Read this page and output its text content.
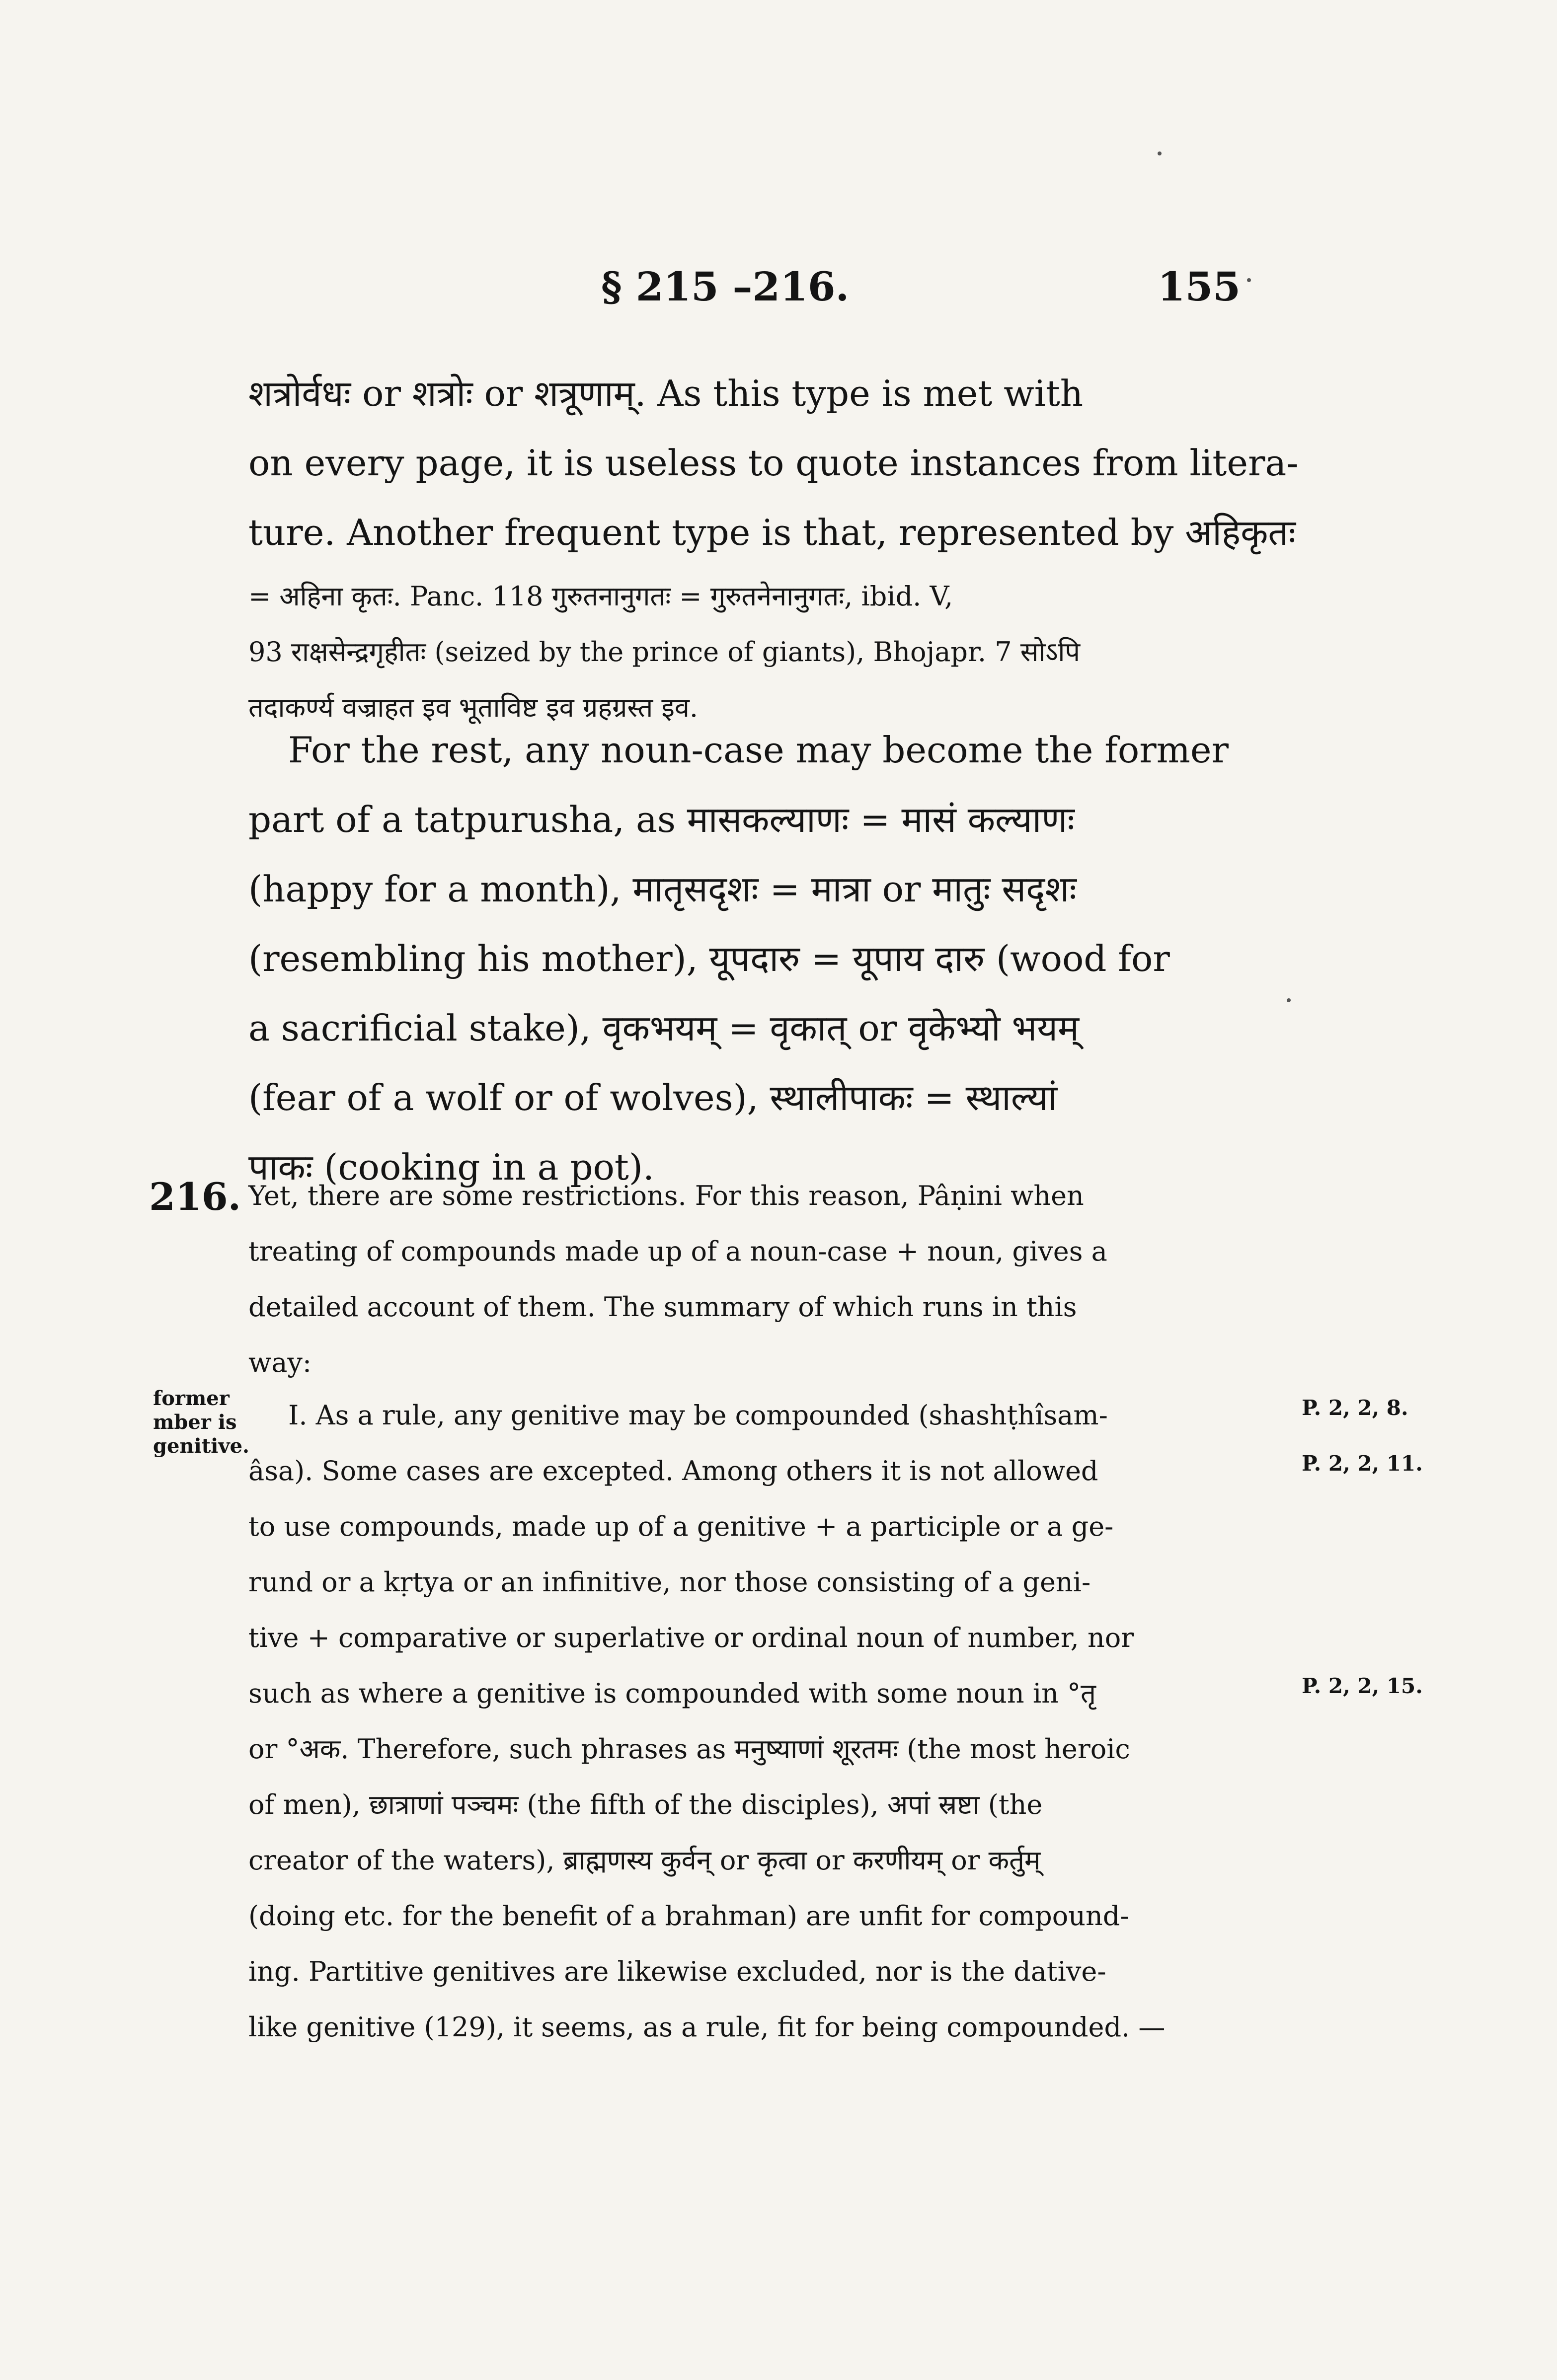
§ 215 –216.	155
शत्रोर्वधः or शत्रोः or शत्रूणाम्. As this type is met with
on every page, it is useless to quote instances from litera-
ture. Another frequent type is that, represented by अहिकृतः
= अहिना कृतः. Panc. 118 गुरुतनानुगतः = गुरुतनेनानुगतः, ibid. V,
93 राक्षसेन्द्रगृहीतः (seized by the prince of giants), Bhojapr. 7 सोऽपि
तदाकर्ण्य वज्राहत इव भूताविष्ट इव ग्रहग्रस्त इव.
For the rest, any noun-case may become the former
part of a tatpurusha, as मासकल्याणः = मासं कल्याणः
(happy for a month), मातृसदृशः = मात्रा or मातुः सदृशः
(resembling his mother), यूपदारु = यूपाय दारु (wood for
a sacrificial stake), वृकभयम् = वृकात् or वृकेभ्यो भयम्
(fear of a wolf or of wolves), स्थालीपाकः = स्थाल्यां
पाकः (cooking in a pot).
216. Yet, there are some restrictions. For this reason, Pâṇini when
treating of compounds made up of a noun-case + noun, gives a
detailed account of them. The summary of which runs in this
way:
former
mber is
genitive.
I. As a rule, any genitive may be compounded (shashṭhîsam-
âsa). Some cases are excepted. Among others it is not allowed
to use compounds, made up of a genitive + a participle or a ge-
rund or a kṛtya or an infinitive, nor those consisting of a geni-
tive + comparative or superlative or ordinal noun of number, nor
such as where a genitive is compounded with some noun in °तृ
or °अक. Therefore, such phrases as मनुष्याणां शूरतमः (the most heroic
of men), छात्राणां पञ्चमः (the fifth of the disciples), अपां स्रष्टा (the
creator of the waters), ब्राह्मणस्य कुर्वन् or कृत्वा or करणीयम् or कर्तुम्
(doing etc. for the benefit of a brahman) are unfit for compound-
ing. Partitive genitives are likewise excluded, nor is the dative-
like genitive (129), it seems, as a rule, fit for being compounded. —
P. 2, 2, 8.
P. 2, 2, 11.
P. 2, 2, 15.
